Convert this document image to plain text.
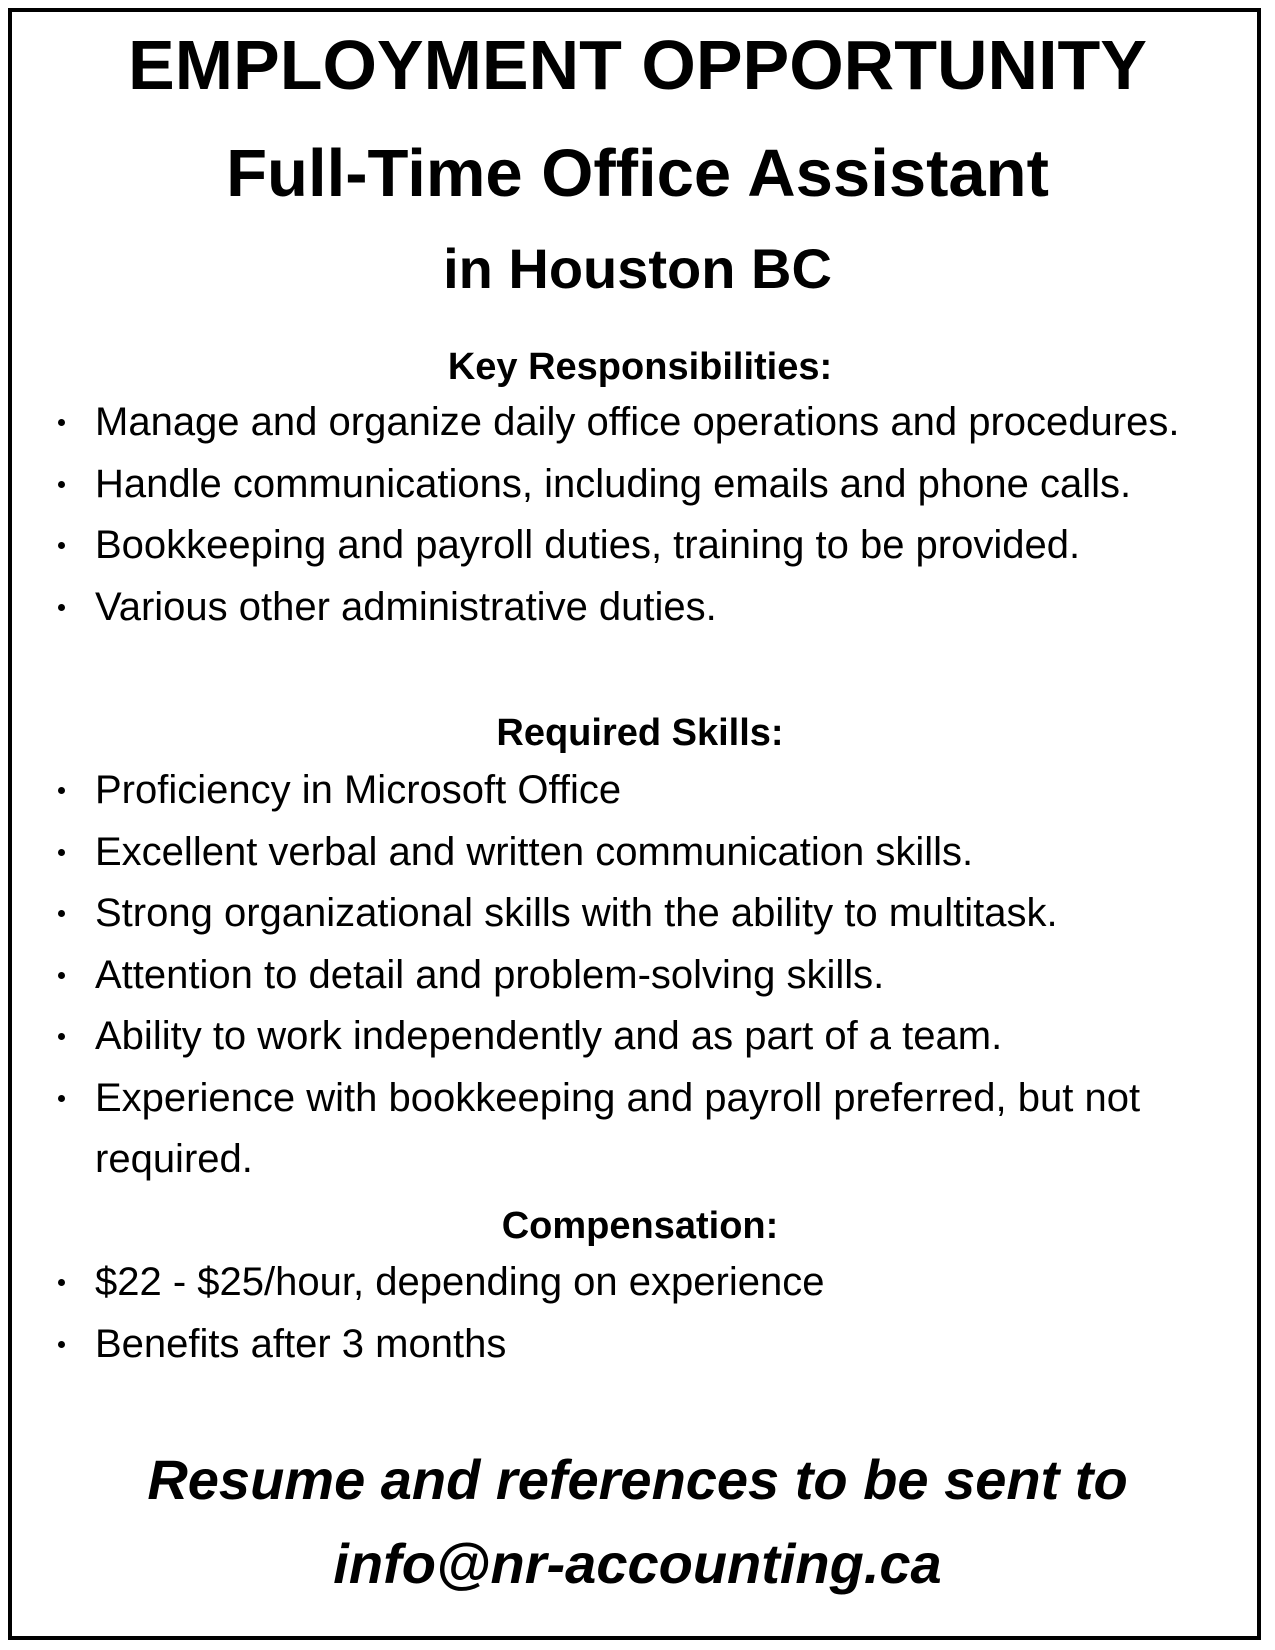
EMPLOYMENT OPPORTUNITY
Full-Time Office Assistant
in Houston BC
Key Responsibilities:
Manage and organize daily office operations and procedures.
Handle communications, including emails and phone calls.
Bookkeeping and payroll duties, training to be provided.
Various other administrative duties.
Required Skills:
Proficiency in Microsoft Office
Excellent verbal and written communication skills.
Strong organizational skills with the ability to multitask.
Attention to detail and problem-solving skills.
Ability to work independently and as part of a team.
Experience with bookkeeping and payroll preferred, but not required.
Compensation:
$22 - $25/hour, depending on experience
Benefits after 3 months

Resume and references to be sent to

info@nr-accounting.ca
